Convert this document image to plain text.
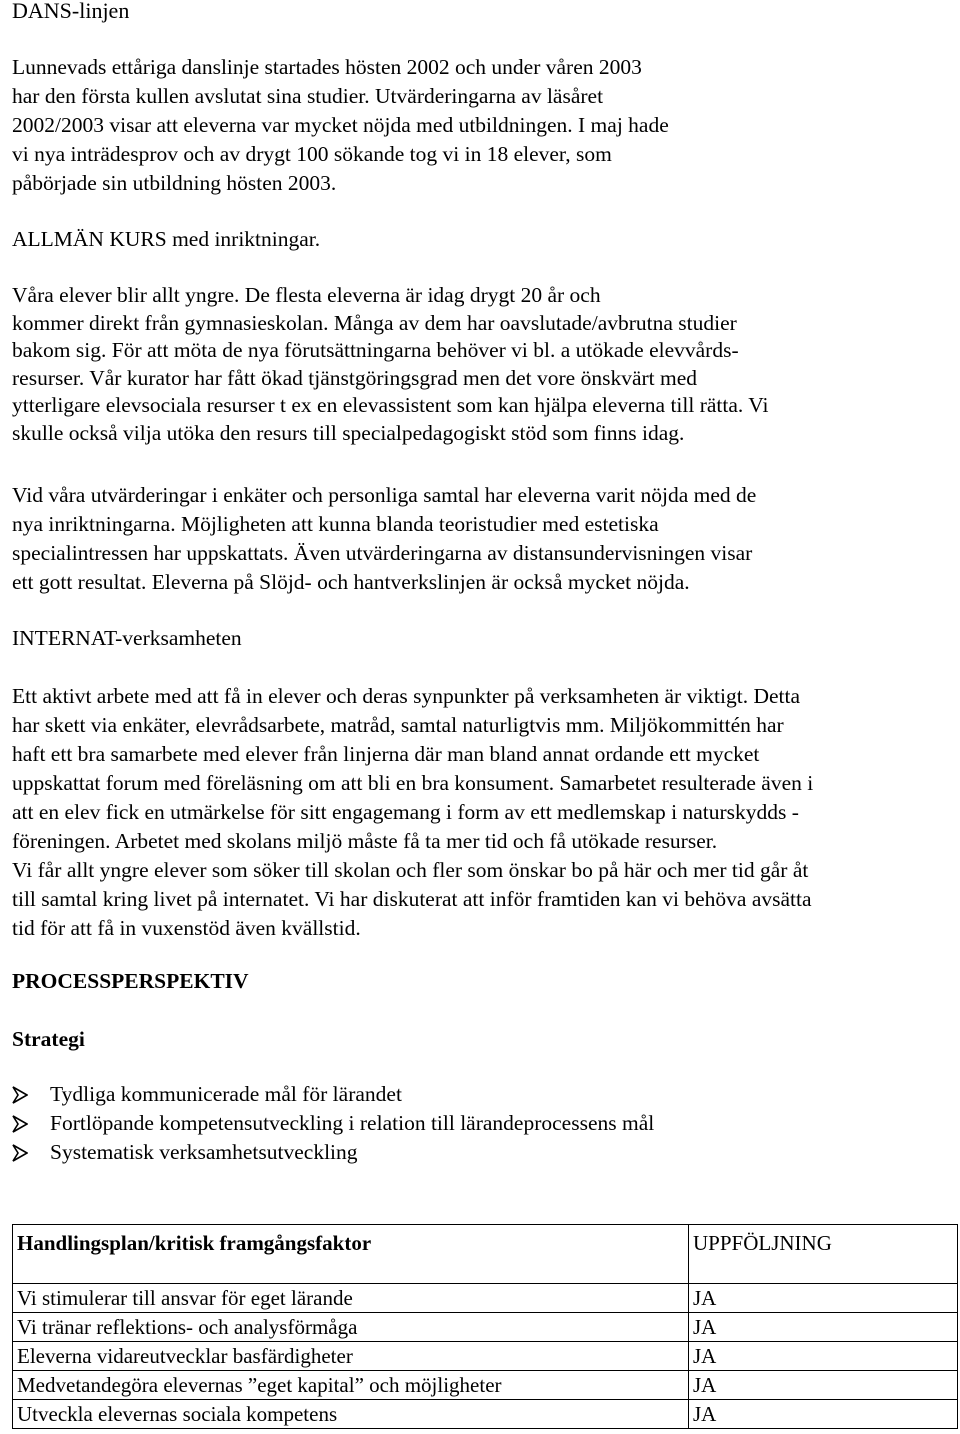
DANS-linjen
Lunnevads ettåriga danslinje startades hösten 2002 och under våren 2003
har den första kullen avslutat sina studier. Utvärderingarna av läsåret
2002/2003 visar att eleverna var mycket nöjda med utbildningen. I maj hade
vi nya inträdesprov och av drygt 100 sökande tog vi in 18 elever, som
påbörjade sin utbildning hösten 2003.
ALLMÄN KURS med inriktningar.
Våra elever blir allt yngre. De flesta eleverna är idag drygt 20 år och
kommer direkt från gymnasieskolan. Många av dem har oavslutade/avbrutna studier
bakom sig. För att möta de nya förutsättningarna behöver vi bl. a utökade elevvårds-
resurser. Vår kurator har fått ökad tjänstgöringsgrad men det vore önskvärt med
ytterligare elevsociala resurser t ex en elevassistent som kan hjälpa eleverna till rätta. Vi
skulle också vilja utöka den resurs till specialpedagogiskt stöd som finns idag.
Vid våra utvärderingar i enkäter och personliga samtal har eleverna varit nöjda med de
nya inriktningarna. Möjligheten att kunna blanda teoristudier med estetiska
specialintressen har uppskattats. Även utvärderingarna av distansundervisningen visar
ett gott resultat. Eleverna på Slöjd- och hantverkslinjen är också mycket nöjda.
INTERNAT-verksamheten
Ett aktivt arbete med att få in elever och deras synpunkter på verksamheten är viktigt. Detta
har skett via enkäter, elevrådsarbete, matråd, samtal naturligtvis mm. Miljökommittén har
haft ett bra samarbete med elever från linjerna där man bland annat ordande ett mycket
uppskattat forum med föreläsning om att bli en bra konsument. Samarbetet resulterade även i
att en elev fick en utmärkelse för sitt engagemang i form av ett medlemskap i naturskydds -
föreningen. Arbetet med skolans miljö måste få ta mer tid och få utökade resurser.
Vi får allt yngre elever som söker till skolan och fler som önskar bo på här och mer tid går åt
till samtal kring livet på internatet. Vi har diskuterat att inför framtiden kan vi behöva avsätta
tid för att få in vuxenstöd även kvällstid.
PROCESSPERSPEKTIV
Strategi
Tydliga kommunicerade mål för lärandet
Fortlöpande kompetensutveckling i relation till lärandeprocessens mål
Systematisk verksamhetsutveckling
Handlingsplan/kritisk framgångsfaktor	UPPFÖLJNING
Vi stimulerar till ansvar för eget lärande	JA
Vi tränar reflektions- och analysförmåga	JA
Eleverna vidareutvecklar basfärdigheter	JA
Medvetandegöra elevernas ”eget kapital” och möjligheter	JA
Utveckla elevernas sociala kompetens	JA
